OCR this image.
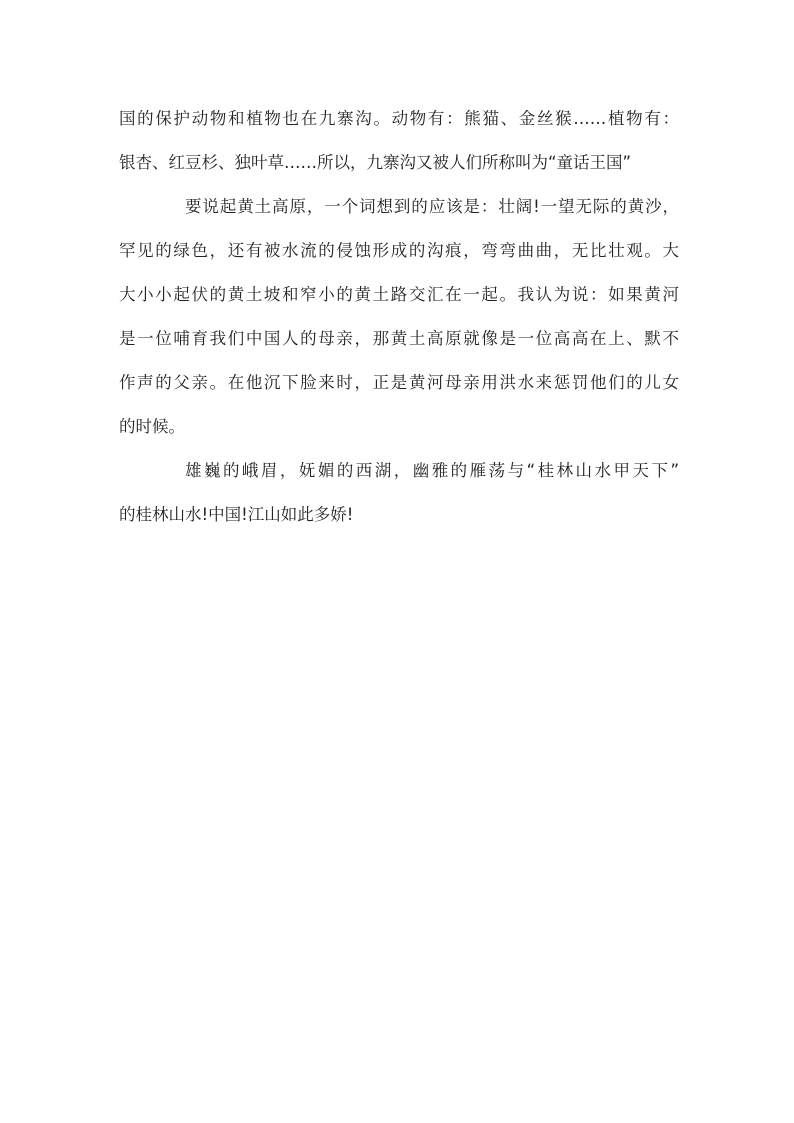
国的保护动物和植物也在九寨沟。动物有：熊猫、金丝猴……植物有：
银杏、红豆杉、独叶草……所以，九寨沟又被人们所称叫为“童话王国”
要说起黄土高原，一个词想到的应该是：壮阔!一望无际的黄沙，
罕见的绿色，还有被水流的侵蚀形成的沟痕，弯弯曲曲，无比壮观。大
大小小起伏的黄土坡和窄小的黄土路交汇在一起。我认为说：如果黄河
是一位哺育我们中国人的母亲，那黄土高原就像是一位高高在上、默不
作声的父亲。在他沉下脸来时，正是黄河母亲用洪水来惩罚他们的儿女
的时候。
雄巍的峨眉，妩媚的西湖，幽雅的雁荡与“桂林山水甲天下”
的桂林山水!中国!江山如此多娇!
